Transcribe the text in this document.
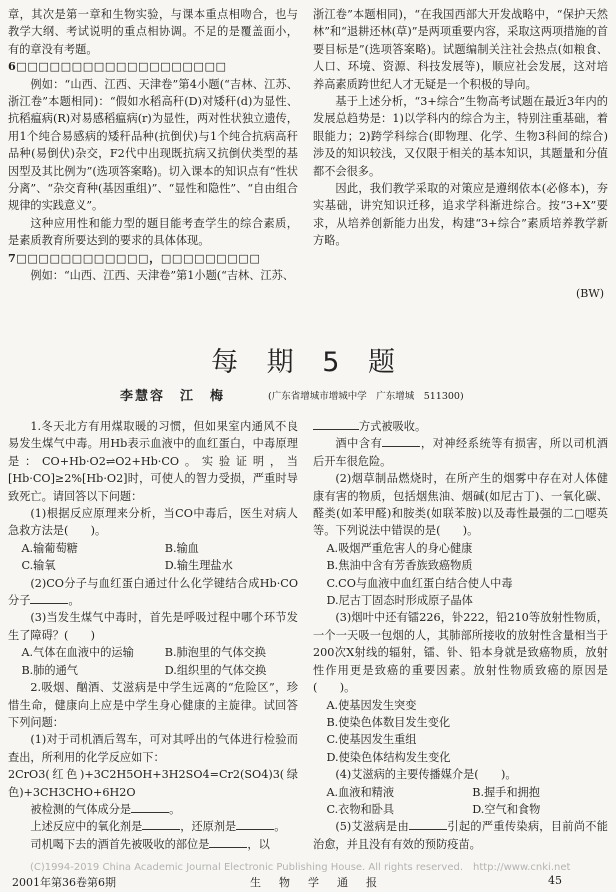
章，其次是第一章和生物实验，与课本重点相吻合，也与教学大纲、考试说明的重点相协调。不足的是覆盖面小，有的章没有考题。

6□□□□□□□□□□□□□□□□□□□

例如：“山西、江西、天津卷”第4小题(“吉林、江苏、浙江卷”本题相同)：“假如水稻高秆(D)对矮秆(d)为显性、抗稻瘟病(R)对易感稻瘟病(r)为显性，两对性状独立遗传，用1个纯合易感病的矮秆品种(抗倒伏)与1个纯合抗病高秆品种(易倒伏)杂交，F2代中出现既抗病又抗倒伏类型的基因型及其比例为”(选项答案略)。切入课本的知识点有“性状分离”、“杂交育种(基因重组)”、“显性和隐性”、“自由组合规律的实践意义”。

这种应用性和能力型的题目能考查学生的综合素质，是素质教育所要达到的要求的具体体现。

7□□□□□□□□□□□□，□□□□□□□□□

例如：“山西、江西、天津卷”第1小题(“吉林、江苏、

浙江卷”本题相同)，“在我国西部大开发战略中，“保护天然林”和“退耕还林(草)”是两项重要内容，采取这两项措施的首要目标是”(选项答案略)。试题编制关注社会热点(如粮食、人口、环境、资源、科技发展等)，顺应社会发展，这对培养高素质跨世纪人才无疑是一个积极的导向。

基于上述分析，“3+综合”生物高考试题在最近3年内的发展总趋势是：1)以学科内的综合为主，特别注重基础，着眼能力；2)跨学科综合(即物理、化学、生物3科间的综合)涉及的知识较浅，又仅限于相关的基本知识，其题量和分值都不会很多。

因此，我们教学采取的对策应是遵纲依本(必修本)，夯实基础，讲究知识迁移，追求学科渐进综合。按“3+X”要求，从培养创新能力出发，构建“3+综合”素质培养教学新方略。

(BW)
每 期 5 题
李慧容　江　梅	(广东省增城市增城中学　广东增城　511300)

1.冬天北方有用煤取暖的习惯，但如果室内通风不良易发生煤气中毒。用Hb表示血液中的血红蛋白，中毒原理是：CO+Hb·O2⇌O2+Hb·CO。实验证明，当[Hb·CO]≥2%[Hb·O2]时，可使人的智力受损，严重时导致死亡。请回答以下问题：

(1)根据反应原理来分析，当CO中毒后，医生对病人急救方法是(　　)。

A.输葡萄糖	B.输血
C.输氧	D.输生理盐水

(2)CO分子与血红蛋白通过什么化学键结合成Hb·CO分子	。

(3)当发生煤气中毒时，首先是呼吸过程中哪个环节发生了障碍？(　　)

A.气体在血液中的运输	B.肺泡里的气体交换
B.肺的通气	D.组织里的气体交换

2.吸烟、酗酒、艾滋病是中学生远离的“危险区”，珍惜生命，健康向上应是中学生身心健康的主旋律。试回答下列问题：

(1)对于司机酒后驾车，可对其呼出的气体进行检验而查出，所利用的化学反应如下：

2CrO3(红色)+3C2H5OH+3H2SO4=Cr2(SO4)3(绿色)+3CH3CHO+6H2O

被检测的气体成分是	。

上述反应中的氧化剂是	，还原剂是	。

司机喝下去的酒首先被吸收的部位是	，以

方式被吸收。

酒中含有	，对神经系统等有损害，所以司机酒后开车很危险。

(2)烟草制品燃烧时，在所产生的烟雾中存在对人体健康有害的物质，包括烟焦油、烟碱(如尼古丁)、一氧化碳、醛类(如苯甲醛)和胺类(如联苯胺)以及毒性最强的二□噁英等。下列说法中错误的是(　　)。

A.吸烟严重危害人的身心健康
B.焦油中含有芳香族致癌物质
C.CO与血液中血红蛋白结合使人中毒
D.尼古丁固态时形成原子晶体

(3)烟叶中还有镭226，钋222，铅210等放射性物质，一个一天吸一包烟的人，其肺部所接收的放射性含量相当于200次X射线的辐射，镭、钋、铅本身就是致癌物质，放射性作用更是致癌的重要因素。放射性物质致癌的原因是(　　)。

A.使基因发生突变
B.使染色体数目发生变化
C.使基因发生重组
D.使染色体结构发生变化

(4)艾滋病的主要传播媒介是(　　)。

A.血液和精液	B.握手和拥抱
C.衣物和卧具	D.空气和食物

(5)艾滋病是由	引起的严重传染病，目前尚不能治愈，并且没有有效的预防疫苗。

(C)1994-2019 China Academic Journal Electronic Publishing House. All rights reserved.　http://www.cnki.net
2001年第36卷第6期	生物学通报	45
